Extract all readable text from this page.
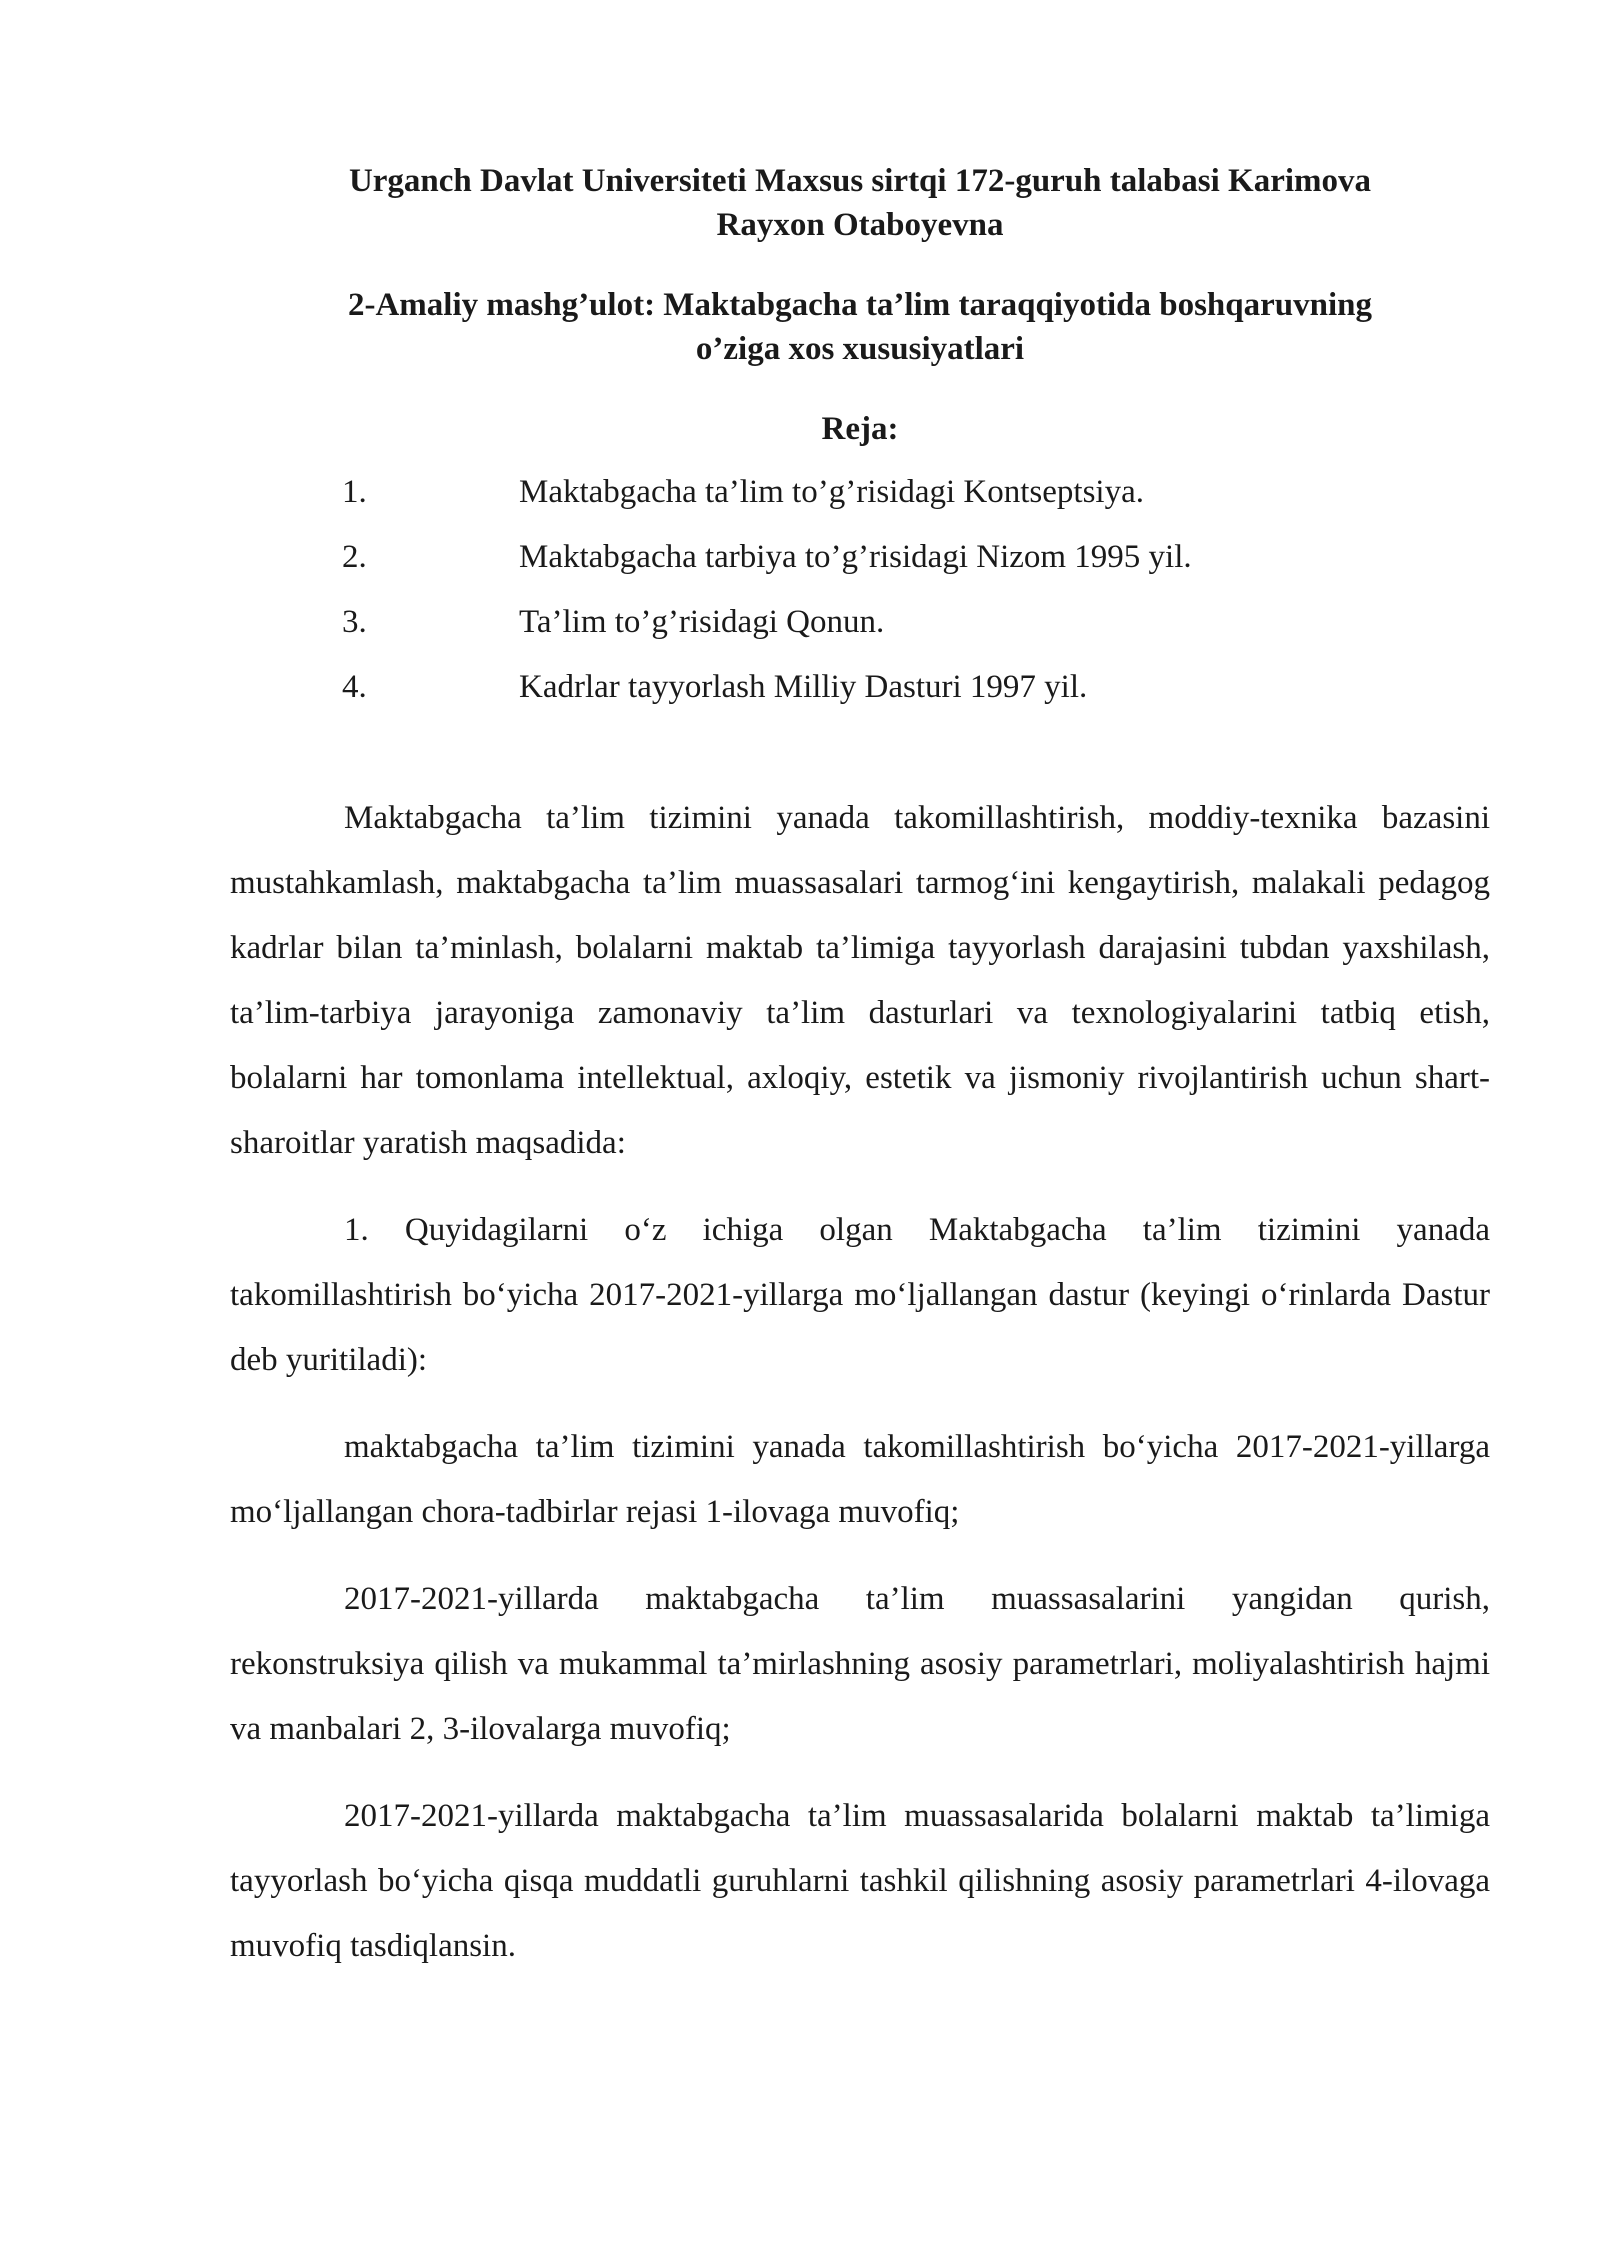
Urganch Davlat Universiteti Maxsus sirtqi 172-guruh talabasi Karimova
Rayxon Otaboyevna
2-Amaliy mashg’ulot: Maktabgacha ta’lim taraqqiyotida boshqaruvning
o’ziga xos xususiyatlari
Reja:
1.	Maktabgacha ta’lim to’g’risidagi Kontseptsiya.
2.	Maktabgacha tarbiya to’g’risidagi Nizom 1995 yil.
3.	Ta’lim to’g’risidagi Qonun.
4.	Kadrlar tayyorlash Milliy Dasturi 1997 yil.

Maktabgacha ta’lim tizimini yanada takomillashtirish, moddiy-texnika bazasini mustahkamlash, maktabgacha ta’lim muassasalari tarmog‘ini kengaytirish, malakali pedagog kadrlar bilan ta’minlash, bolalarni maktab ta’limiga tayyorlash darajasini tubdan yaxshilash, ta’lim-tarbiya jarayoniga zamonaviy ta’lim dasturlari va texnologiyalarini tatbiq etish, bolalarni har tomonlama intellektual, axloqiy, estetik va jismoniy rivojlantirish uchun shart-sharoitlar yaratish maqsadida:

1. Quyidagilarni o‘z ichiga olgan Maktabgacha ta’lim tizimini yanada takomillashtirish bo‘yicha 2017-2021-yillarga mo‘ljallangan dastur (keyingi o‘rinlarda Dastur deb yuritiladi):

maktabgacha ta’lim tizimini yanada takomillashtirish bo‘yicha 2017-2021-yillarga mo‘ljallangan chora-tadbirlar rejasi 1-ilovaga muvofiq;

2017-2021-yillarda maktabgacha ta’lim muassasalarini yangidan qurish, rekonstruksiya qilish va mukammal ta’mirlashning asosiy parametrlari, moliyalashtirish hajmi va manbalari 2, 3-ilovalarga muvofiq;

2017-2021-yillarda maktabgacha ta’lim muassasalarida bolalarni maktab ta’limiga tayyorlash bo‘yicha qisqa muddatli guruhlarni tashkil qilishning asosiy parametrlari 4-ilovaga muvofiq tasdiqlansin.
